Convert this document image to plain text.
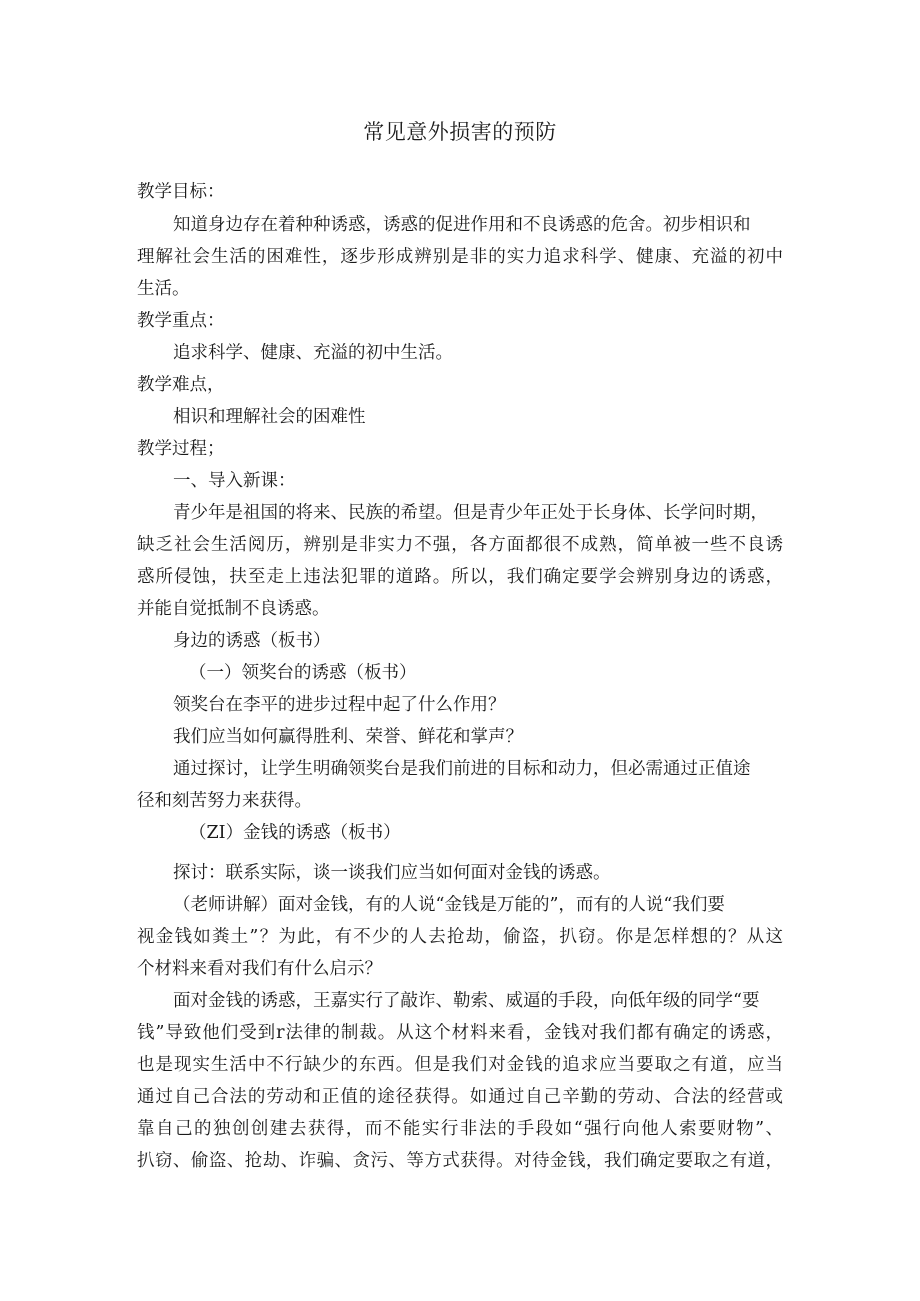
常见意外损害的预防
教学目标：
知道身边存在着种种诱惑，诱惑的促进作用和不良诱惑的危舍。初步相识和
理解社会生活的困难性，逐步形成辨别是非的实力追求科学、健康、充溢的初中
生活。
教学重点：
追求科学、健康、充溢的初中生活。
教学难点，
相识和理解社会的困难性
教学过程；
一、导入新课：
青少年是祖国的将来、民族的希望。但是青少年正处于长身体、长学问时期，
缺乏社会生活阅历，辨别是非实力不强，各方面都很不成熟，简单被一些不良诱
惑所侵蚀，扶至走上违法犯罪的道路。所以，我们确定要学会辨别身边的诱惑，
并能自觉抵制不良诱惑。
身边的诱惑（板书）
（一）领奖台的诱惑（板书）
领奖台在李平的进步过程中起了什么作用？
我们应当如何赢得胜利、荣誉、鲜花和掌声？
通过探讨，让学生明确领奖台是我们前进的目标和动力，但必需通过正值途
径和刻苦努力来获得。
（ZI）金钱的诱惑（板书）
探讨：联系实际，谈一谈我们应当如何面对金钱的诱惑。
（老师讲解）面对金钱，有的人说“金钱是万能的”，而有的人说“我们要
视金钱如粪土”？为此，有不少的人去抢劫，偷盗，扒窃。你是怎样想的？从这
个材料来看对我们有什么启示？
面对金钱的诱惑，王嘉实行了敲诈、勒索、威逼的手段，向低年级的同学“要
钱”导致他们受到r法律的制裁。从这个材料来看，金钱对我们都有确定的诱惑，
也是现实生活中不行缺少的东西。但是我们对金钱的追求应当要取之有道，应当
通过自己合法的劳动和正值的途径获得。如通过自己辛勤的劳动、合法的经营或
靠自己的独创创建去获得，而不能实行非法的手段如“强行向他人索要财物”、
扒窃、偷盗、抢劫、诈骗、贪污、等方式获得。对待金钱，我们确定要取之有道，
